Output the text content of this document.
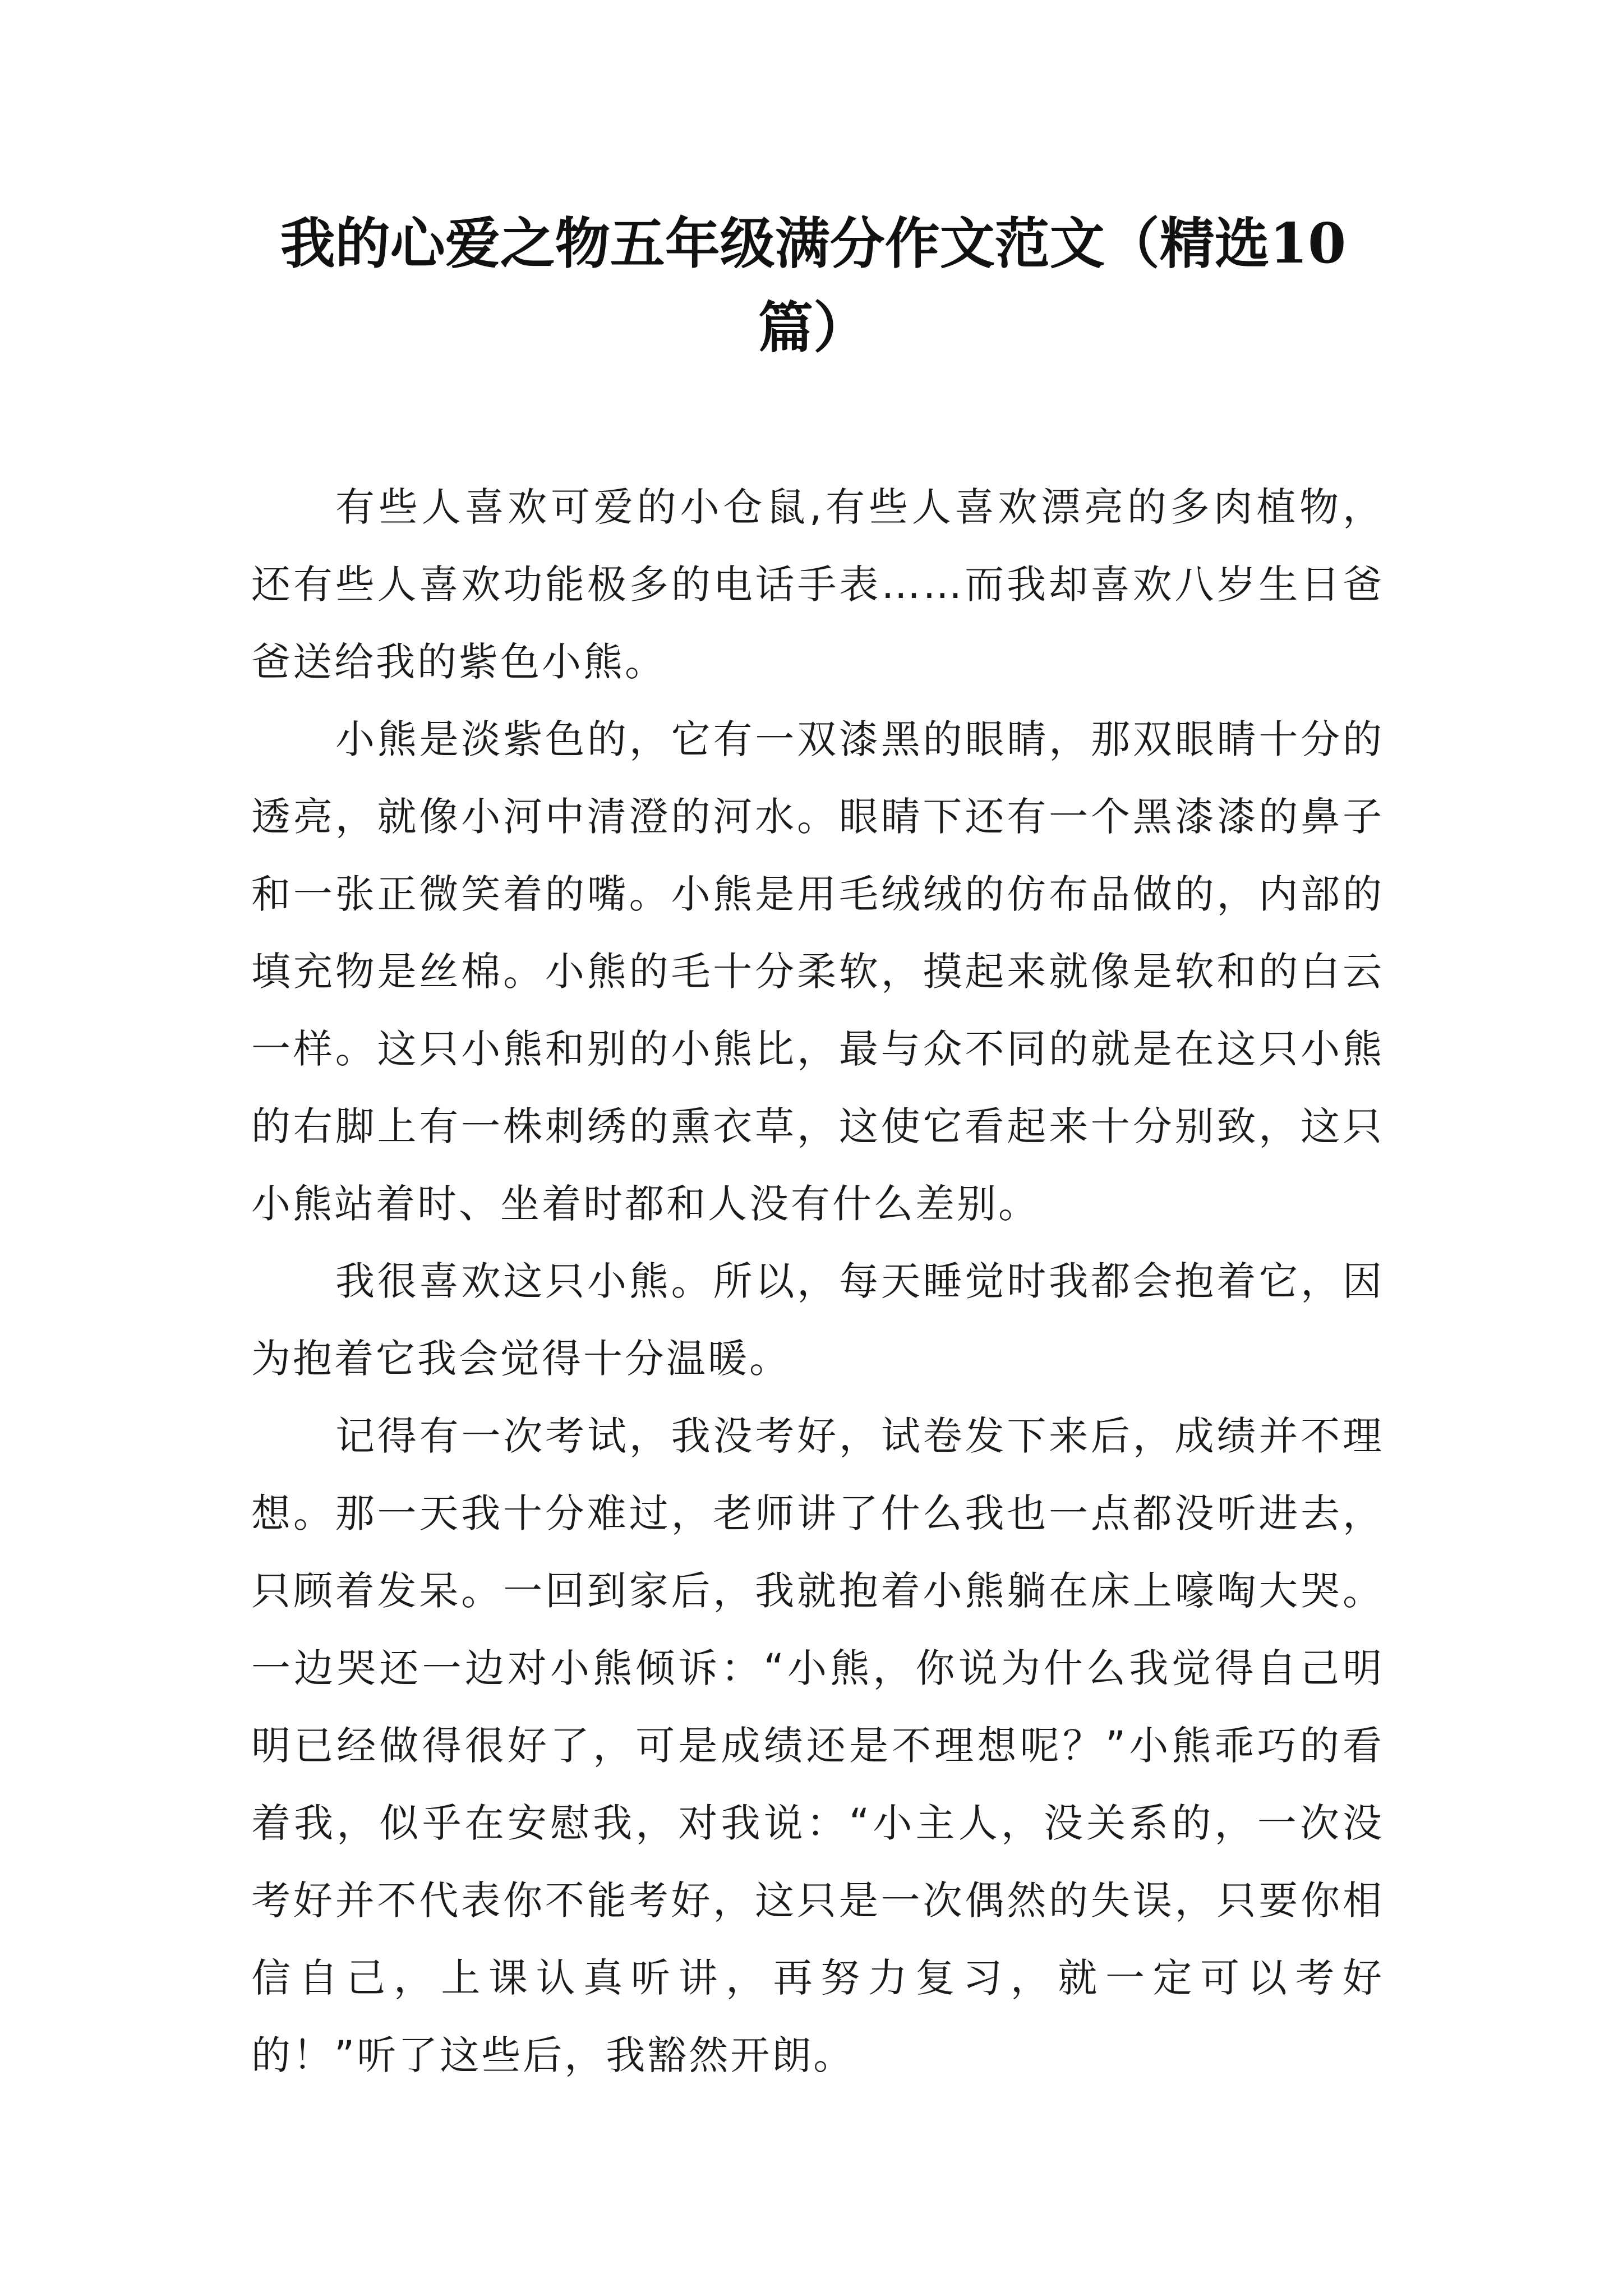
我的心爱之物五年级满分作文范文（精选10篇）

有些人喜欢可爱的小仓鼠,有些人喜欢漂亮的多肉植物，还有些人喜欢功能极多的电话手表……而我却喜欢八岁生日爸爸送给我的紫色小熊。

小熊是淡紫色的，它有一双漆黑的眼睛，那双眼睛十分的透亮，就像小河中清澄的河水。眼睛下还有一个黑漆漆的鼻子和一张正微笑着的嘴。小熊是用毛绒绒的仿布品做的，内部的填充物是丝棉。小熊的毛十分柔软，摸起来就像是软和的白云一样。这只小熊和别的小熊比，最与众不同的就是在这只小熊的右脚上有一株刺绣的熏衣草，这使它看起来十分别致，这只小熊站着时、坐着时都和人没有什么差别。

我很喜欢这只小熊。所以，每天睡觉时我都会抱着它，因为抱着它我会觉得十分温暖。

记得有一次考试，我没考好，试卷发下来后，成绩并不理想。那一天我十分难过，老师讲了什么我也一点都没听进去，只顾着发呆。一回到家后，我就抱着小熊躺在床上嚎啕大哭。一边哭还一边对小熊倾诉：“小熊，你说为什么我觉得自己明明已经做得很好了，可是成绩还是不理想呢？”小熊乖巧的看着我，似乎在安慰我，对我说：“小主人，没关系的，一次没考好并不代表你不能考好，这只是一次偶然的失误，只要你相信自己，上课认真听讲，再努力复习，就一定可以考好的！”听了这些后，我豁然开朗。
